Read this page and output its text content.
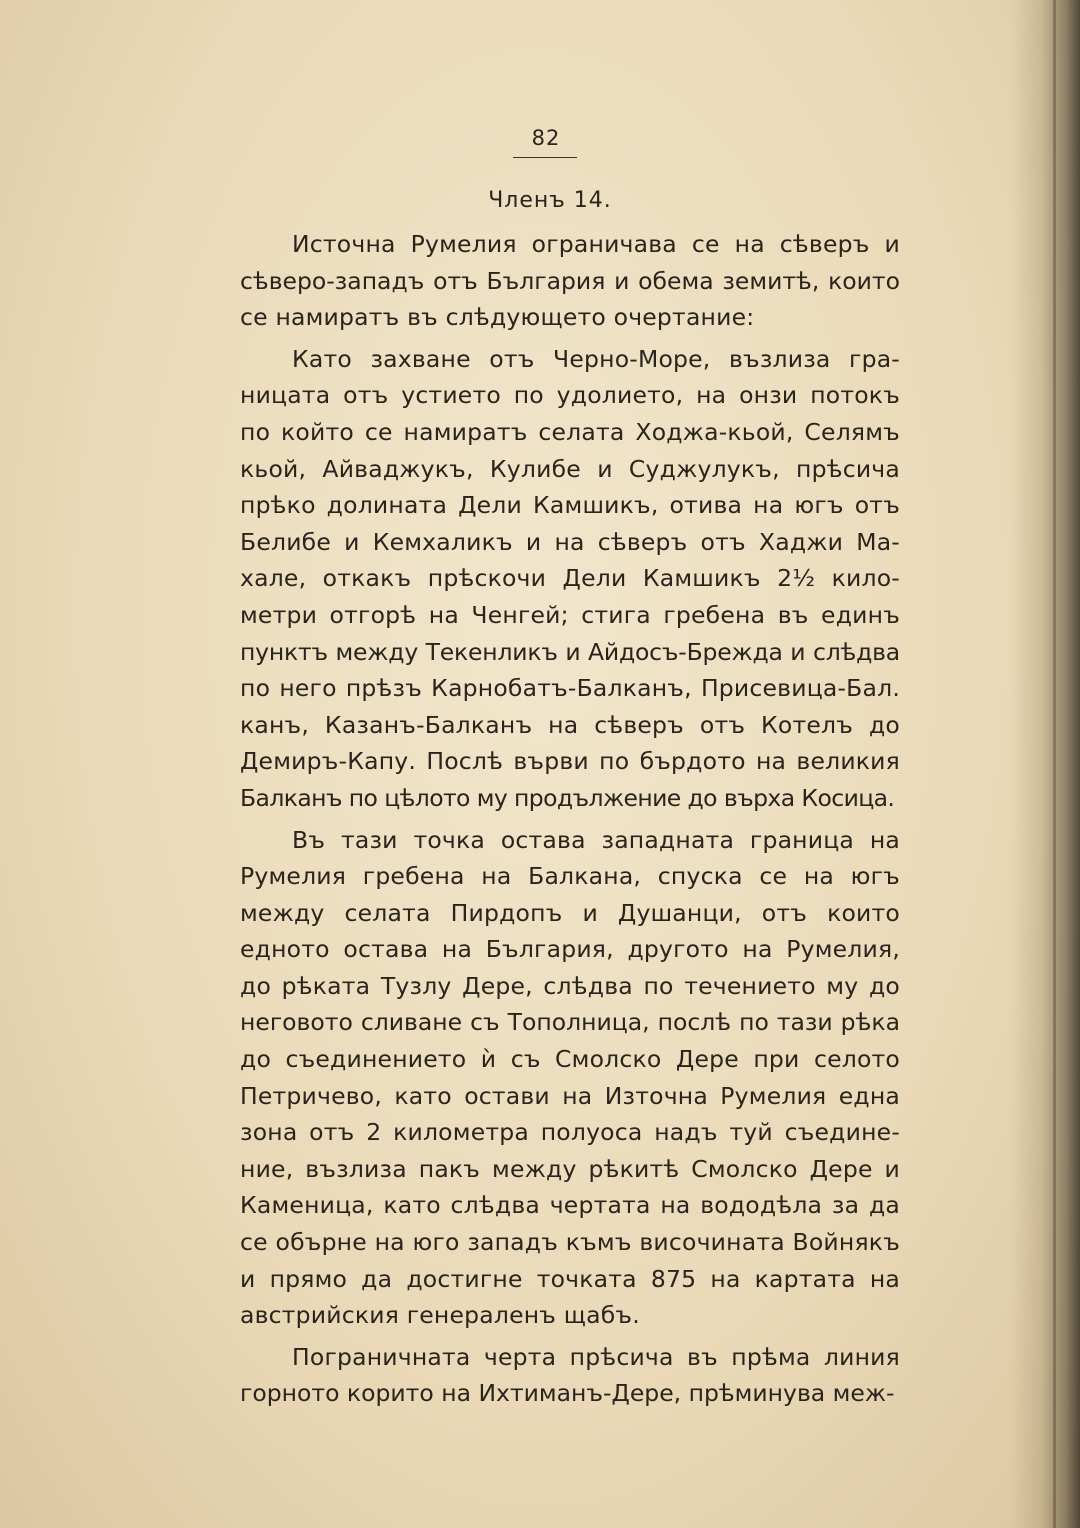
82
Членъ 14.
Источна Румелия ограничава се на сѣверъ и
сѣверо-западъ отъ България и обема земитѣ, които
се намиратъ въ слѣдующето очертание:
Като захване отъ Черно-Море, възлиза гра-
ницата отъ устието по удолието, на онзи потокъ
по който се намиратъ селата Ходжа-кьой, Селямъ
кьой, Айваджукъ, Кулибе и Суджулукъ, прѣсича
прѣко долината Дели Камшикъ, отива на югъ отъ
Белибе и Кемхаликъ и на сѣверъ отъ Хаджи Ма-
хале, откакъ прѣскочи Дели Камшикъ 2½ кило-
метри отгорѣ на Ченгей; стига гребена въ единъ
пунктъ между Текенликъ и Айдосъ-Брежда и слѣдва
по него прѣзъ Карнобатъ-Балканъ, Присевица-Бал.
канъ, Казанъ-Балканъ на сѣверъ отъ Котелъ до
Демиръ-Капу. Послѣ върви по бърдото на великия
Балканъ по цѣлото му продължение до върха Косица.
Въ тази точка остава западната граница на
Румелия гребена на Балкана, спуска се на югъ
между селата Пирдопъ и Душанци, отъ които
едното остава на България, другото на Румелия,
до рѣката Тузлу Дере, слѣдва по течението му до
неговото сливане съ Тополница, послѣ по тази рѣка
до съединението ѝ съ Смолско Дере при селото
Петричево, като остави на Източна Румелия една
зона отъ 2 километра полуоса надъ туй съедине-
ние, възлиза пакъ между рѣкитѣ Смолско Дере и
Каменица, като слѣдва чертата на вододѣла за да
се обърне на юго западъ къмъ височината Войнякъ
и прямо да достигне точката 875 на картата на
австрийския генераленъ щабъ.
Пограничната черта прѣсича въ прѣма линия
горното корито на Ихтиманъ-Дере, прѣминува меж-
